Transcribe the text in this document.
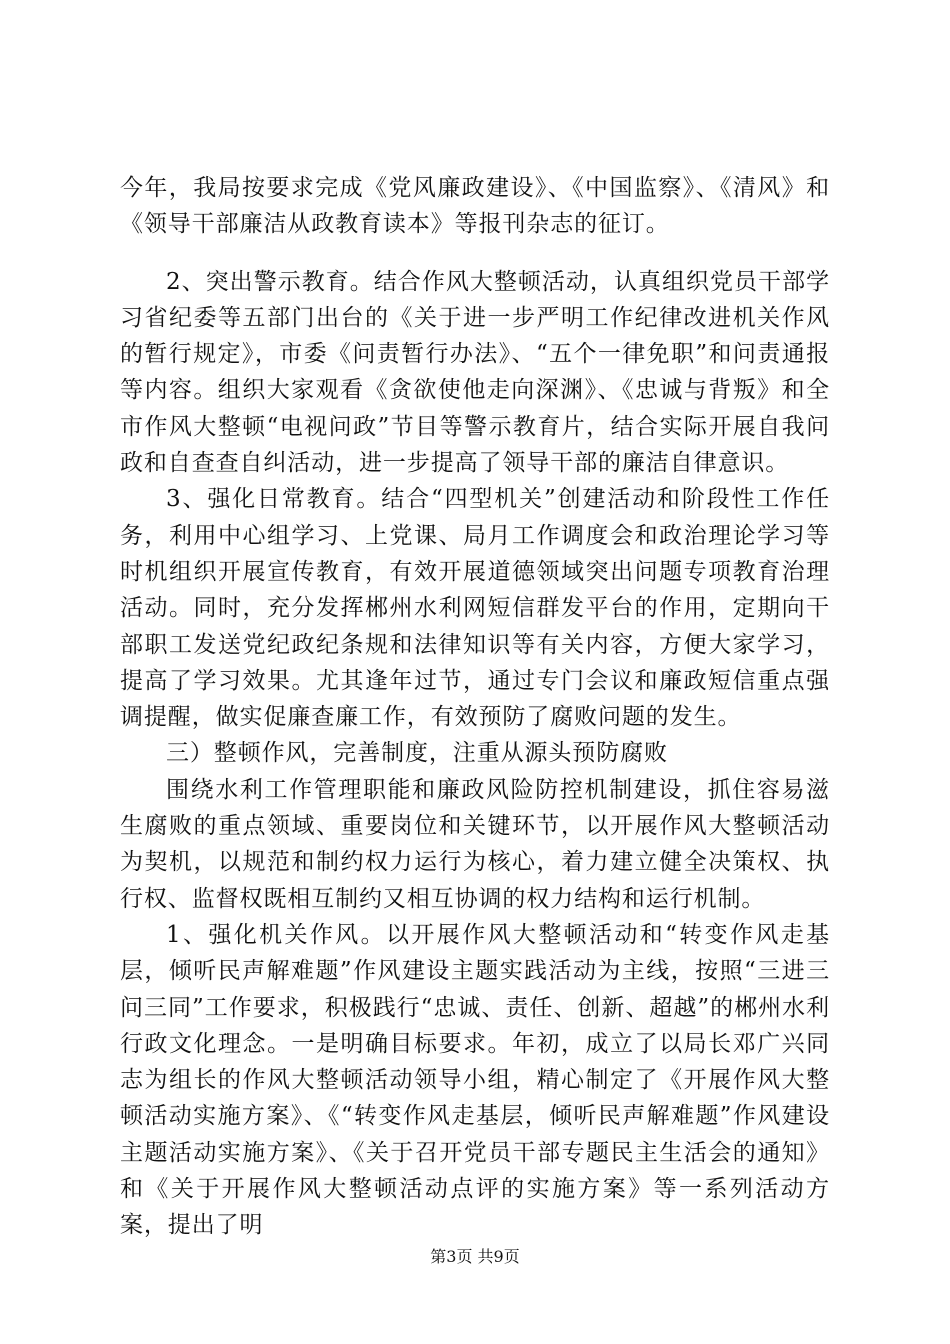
今年，我局按要求完成《党风廉政建设》、《中国监察》、《清风》和《领导干部廉洁从政教育读本》等报刊杂志的征订。

2、突出警示教育。结合作风大整顿活动，认真组织党员干部学习省纪委等五部门出台的《关于进一步严明工作纪律改进机关作风的暂行规定》，市委《问责暂行办法》、“五个一律免职”和问责通报等内容。组织大家观看《贪欲使他走向深渊》、《忠诚与背叛》和全市作风大整顿“电视问政”节目等警示教育片，结合实际开展自我问政和自查查自纠活动，进一步提高了领导干部的廉洁自律意识。

3、强化日常教育。结合“四型机关”创建活动和阶段性工作任务，利用中心组学习、上党课、局月工作调度会和政治理论学习等时机组织开展宣传教育，有效开展道德领域突出问题专项教育治理活动。同时，充分发挥郴州水利网短信群发平台的作用，定期向干部职工发送党纪政纪条规和法律知识等有关内容，方便大家学习，提高了学习效果。尤其逢年过节，通过专门会议和廉政短信重点强调提醒，做实促廉查廉工作，有效预防了腐败问题的发生。

三）整顿作风，完善制度，注重从源头预防腐败

围绕水利工作管理职能和廉政风险防控机制建设，抓住容易滋生腐败的重点领域、重要岗位和关键环节，以开展作风大整顿活动为契机，以规范和制约权力运行为核心，着力建立健全决策权、执行权、监督权既相互制约又相互协调的权力结构和运行机制。

1、强化机关作风。以开展作风大整顿活动和“转变作风走基层，倾听民声解难题”作风建设主题实践活动为主线，按照“三进三问三同”工作要求，积极践行“忠诚、责任、创新、超越”的郴州水利行政文化理念。一是明确目标要求。年初，成立了以局长邓广兴同志为组长的作风大整顿活动领导小组，精心制定了《开展作风大整顿活动实施方案》、《“转变作风走基层，倾听民声解难题”作风建设主题活动实施方案》、《关于召开党员干部专题民主生活会的通知》和《关于开展作风大整顿活动点评的实施方案》等一系列活动方案，提出了明

第3页 共9页
